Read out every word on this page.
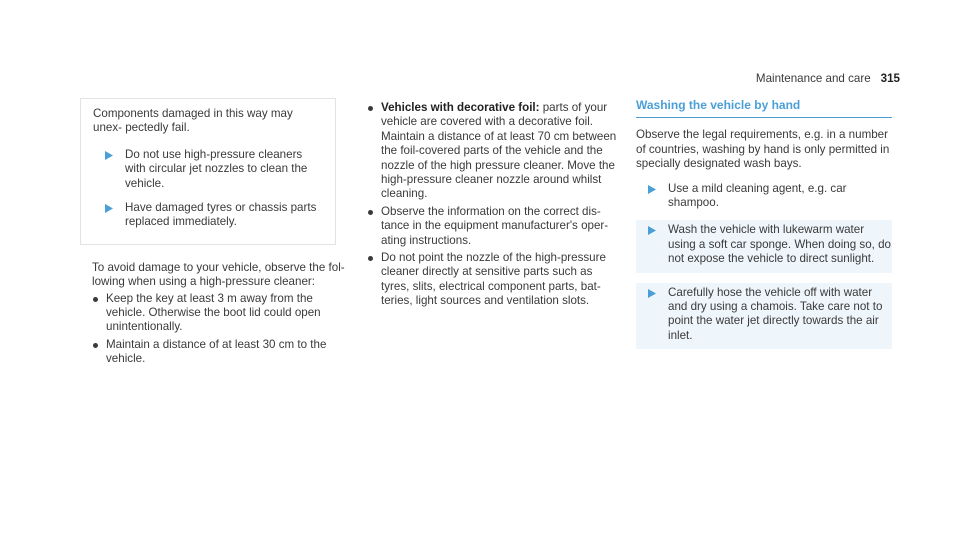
Maintenance and care 315

Components damaged in this way may unex‐ pectedly fail.

Do not use high-pressure cleaners with circular jet nozzles to clean the vehicle.
Have damaged tyres or chassis parts replaced immediately.

To avoid damage to your vehicle, observe the fol‐ lowing when using a high-pressure cleaner:

Keep the key at least 3 m away from the vehicle. Otherwise the boot lid could open unintentionally.
Maintain a distance of at least 30 cm to the vehicle.
Vehicles with decorative foil: parts of your vehicle are covered with a decorative foil. Maintain a distance of at least 70 cm between the foil-covered parts of the vehicle and the nozzle of the high pressure cleaner. Move the high-pressure cleaner nozzle around whilst cleaning.
Observe the information on the correct dis‐ tance in the equipment manufacturer's oper‐ ating instructions.
Do not point the nozzle of the high-pressure cleaner directly at sensitive parts such as tyres, slits, electrical component parts, bat‐ teries, light sources and ventilation slots.
Washing the vehicle by hand

Observe the legal requirements, e.g. in a number of countries, washing by hand is only permitted in specially designated wash bays.

Use a mild cleaning agent, e.g. car shampoo.
Wash the vehicle with lukewarm water using a soft car sponge. When doing so, do not expose the vehicle to direct sunlight.
Carefully hose the vehicle off with water and dry using a chamois. Take care not to point the water jet directly towards the air inlet.
